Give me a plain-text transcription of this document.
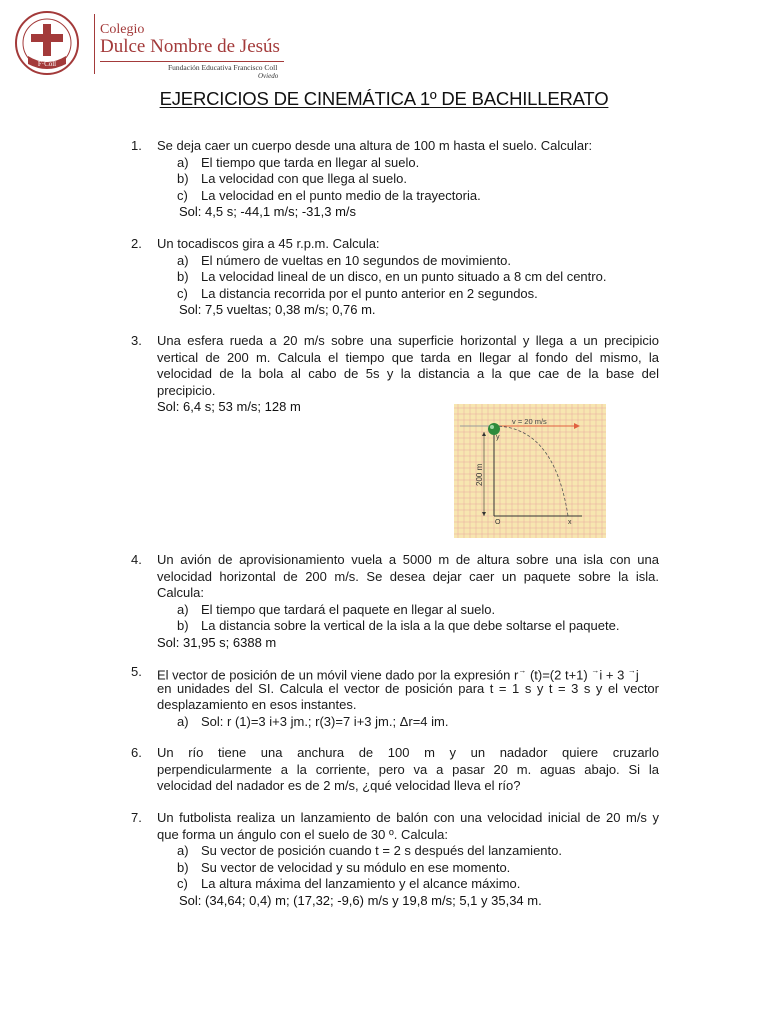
F·Coll
Colegio
Dulce Nombre de Jesús
Fundación Educativa Francisco Coll
Oviedo
EJERCICIOS DE CINEMÁTICA 1º DE BACHILLERATO
1. Se deja caer un cuerpo desde una altura de 100 m hasta el suelo. Calcular:
a) El tiempo que tarda en llegar al suelo.
b) La velocidad con que llega al suelo.
c) La velocidad en el punto medio de la trayectoria.
Sol: 4,5 s; -44,1 m/s; -31,3 m/s
2. Un tocadiscos gira a 45 r.p.m. Calcula:
a) El número de vueltas en 10 segundos de movimiento.
b) La velocidad lineal de un disco, en un punto situado a 8 cm del centro.
c) La distancia recorrida por el punto anterior en 2 segundos.
Sol: 7,5 vueltas; 0,38 m/s; 0,76 m.
3. Una esfera rueda a 20 m/s sobre una superficie horizontal y llega a un precipicio
vertical de 200 m. Calcula el tiempo que tarda en llegar al fondo del mismo, la
velocidad de la bola al cabo de 5s y la distancia a la que cae de la base del
precipicio.
Sol: 6,4 s; 53 m/s; 128 m
v = 20 m/s
y
200 m
O	x
4. Un avión de aprovisionamiento vuela a 5000 m de altura sobre una isla con una
velocidad horizontal de 200 m/s. Se desea dejar caer un paquete sobre la isla.
Calcula:
a) El tiempo que tardará el paquete en llegar al suelo.
b) La distancia sobre la vertical de la isla a la que debe soltarse el paquete.
Sol: 31,95 s; 6388 m
5. El vector de posición de un móvil viene dado por la expresión r→ (t)=(2 t+1) →i + 3 →j
en unidades del SI. Calcula el vector de posición para t = 1 s y t = 3 s y el vector
desplazamiento en esos instantes.
a) Sol: r (1)=3 i+3 jm.; r(3)=7 i+3 jm.; Δr=4 im.
6. Un río tiene una anchura de 100 m y un nadador quiere cruzarlo
perpendicularmente a la corriente, pero va a pasar 20 m. aguas abajo. Si la
velocidad del nadador es de 2 m/s, ¿qué velocidad lleva el río?
7. Un futbolista realiza un lanzamiento de balón con una velocidad inicial de 20 m/s y
que forma un ángulo con el suelo de 30 º. Calcula:
a) Su vector de posición cuando t = 2 s después del lanzamiento.
b) Su vector de velocidad y su módulo en ese momento.
c) La altura máxima del lanzamiento y el alcance máximo.
Sol: (34,64; 0,4) m; (17,32; -9,6) m/s y 19,8 m/s; 5,1 y 35,34 m.
